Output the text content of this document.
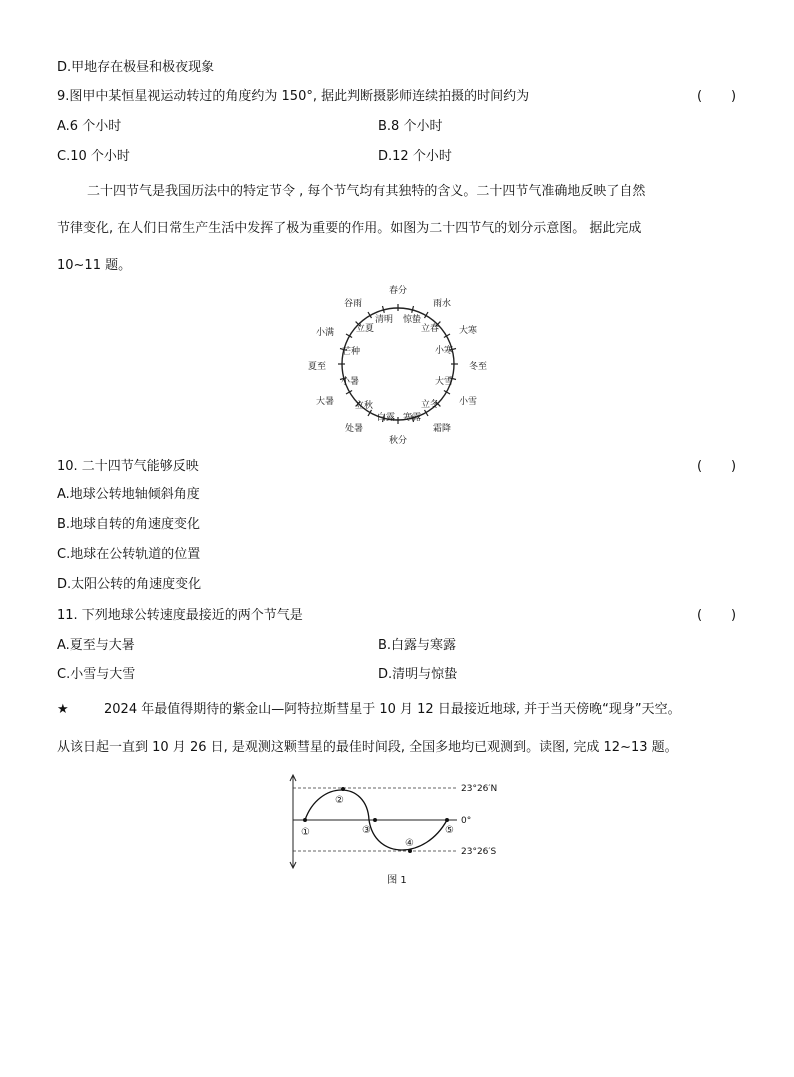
D.甲地存在极昼和极夜现象
9.图甲中某恒星视运动转过的角度约为 150°, 据此判断摄影师连续拍摄的时间约为	(       )
A.6 个小时	B.8 个小时
C.10 个小时	D.12 个小时
二十四节气是我国历法中的特定节令 , 每个节气均有其独特的含义。二十四节气准确地反映了自然
节律变化, 在人们日常生产生活中发挥了极为重要的作用。如图为二十四节气的划分示意图。 据此完成
10~11 题。
春分
雨水
大寒
冬至
小雪
霜降
秋分
处暑
大暑
夏至
小满
谷雨
清明 惊蛰
立春
小寒
大雪
立冬
寒露
白露
立秋
小暑
芒种
立夏
10. 二十四节气能够反映	(       )
A.地球公转地轴倾斜角度
B.地球自转的角速度变化
C.地球在公转轨道的位置
D.太阳公转的角速度变化
11. 下列地球公转速度最接近的两个节气是	(       )
A.夏至与大暑	B.白露与寒露
C.小雪与大雪	D.清明与惊蛰
★	2024 年最值得期待的紫金山—阿特拉斯彗星于 10 月 12 日最接近地球, 并于当天傍晚“现身”天空。
从该日起一直到 10 月 26 日, 是观测这颗彗星的最佳时间段, 全国多地均已观测到。读图, 完成 12~13 题。
①
②
③
④
⑤
23°26′N
0°
23°26′S
图 1
